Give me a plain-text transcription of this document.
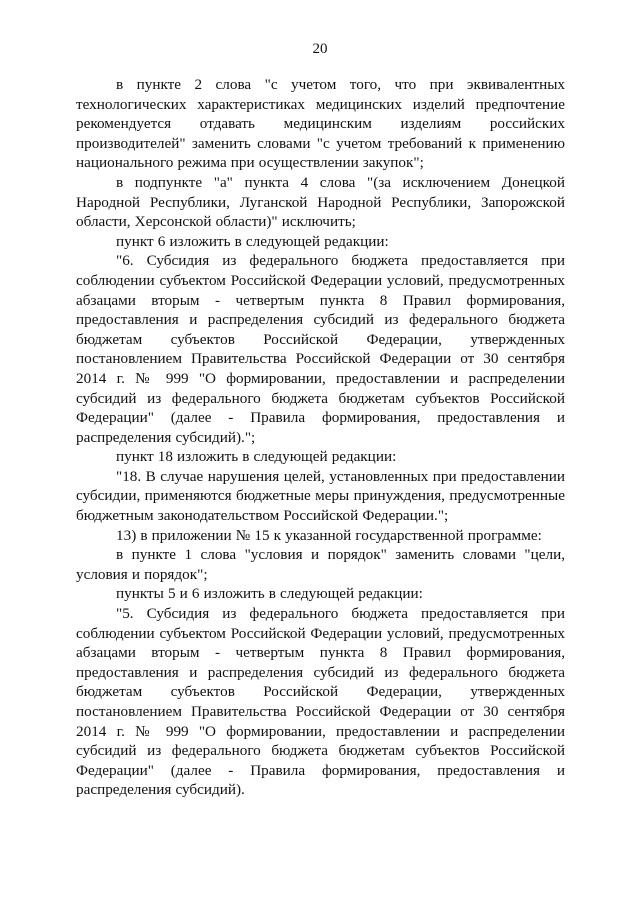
20

в пункте 2 слова "с учетом того, что при эквивалентных технологических характеристиках медицинских изделий предпочтение рекомендуется отдавать медицинским изделиям российских производителей" заменить словами "с учетом требований к применению национального режима при осуществлении закупок";

в подпункте "а" пункта 4 слова "(за исключением Донецкой Народной Республики, Луганской Народной Республики, Запорожской области, Херсонской области)" исключить;

пункт 6 изложить в следующей редакции:

"6. Субсидия из федерального бюджета предоставляется при соблюдении субъектом Российской Федерации условий, предусмотренных абзацами вторым - четвертым пункта 8 Правил формирования, предоставления и распределения субсидий из федерального бюджета бюджетам субъектов Российской Федерации, утвержденных постановлением Правительства Российской Федерации от 30 сентября 2014 г. № 999 "О формировании, предоставлении и распределении субсидий из федерального бюджета бюджетам субъектов Российской Федерации" (далее - Правила формирования, предоставления и распределения субсидий).";

пункт 18 изложить в следующей редакции:

"18. В случае нарушения целей, установленных при предоставлении субсидии, применяются бюджетные меры принуждения, предусмотренные бюджетным законодательством Российской Федерации.";

13) в приложении № 15 к указанной государственной программе:

в пункте 1 слова "условия и порядок" заменить словами "цели, условия и порядок";

пункты 5 и 6 изложить в следующей редакции:

"5. Субсидия из федерального бюджета предоставляется при соблюдении субъектом Российской Федерации условий, предусмотренных абзацами вторым - четвертым пункта 8 Правил формирования, предоставления и распределения субсидий из федерального бюджета бюджетам субъектов Российской Федерации, утвержденных постановлением Правительства Российской Федерации от 30 сентября 2014 г. № 999 "О формировании, предоставлении и распределении субсидий из федерального бюджета бюджетам субъектов Российской Федерации" (далее - Правила формирования, предоставления и распределения субсидий).
